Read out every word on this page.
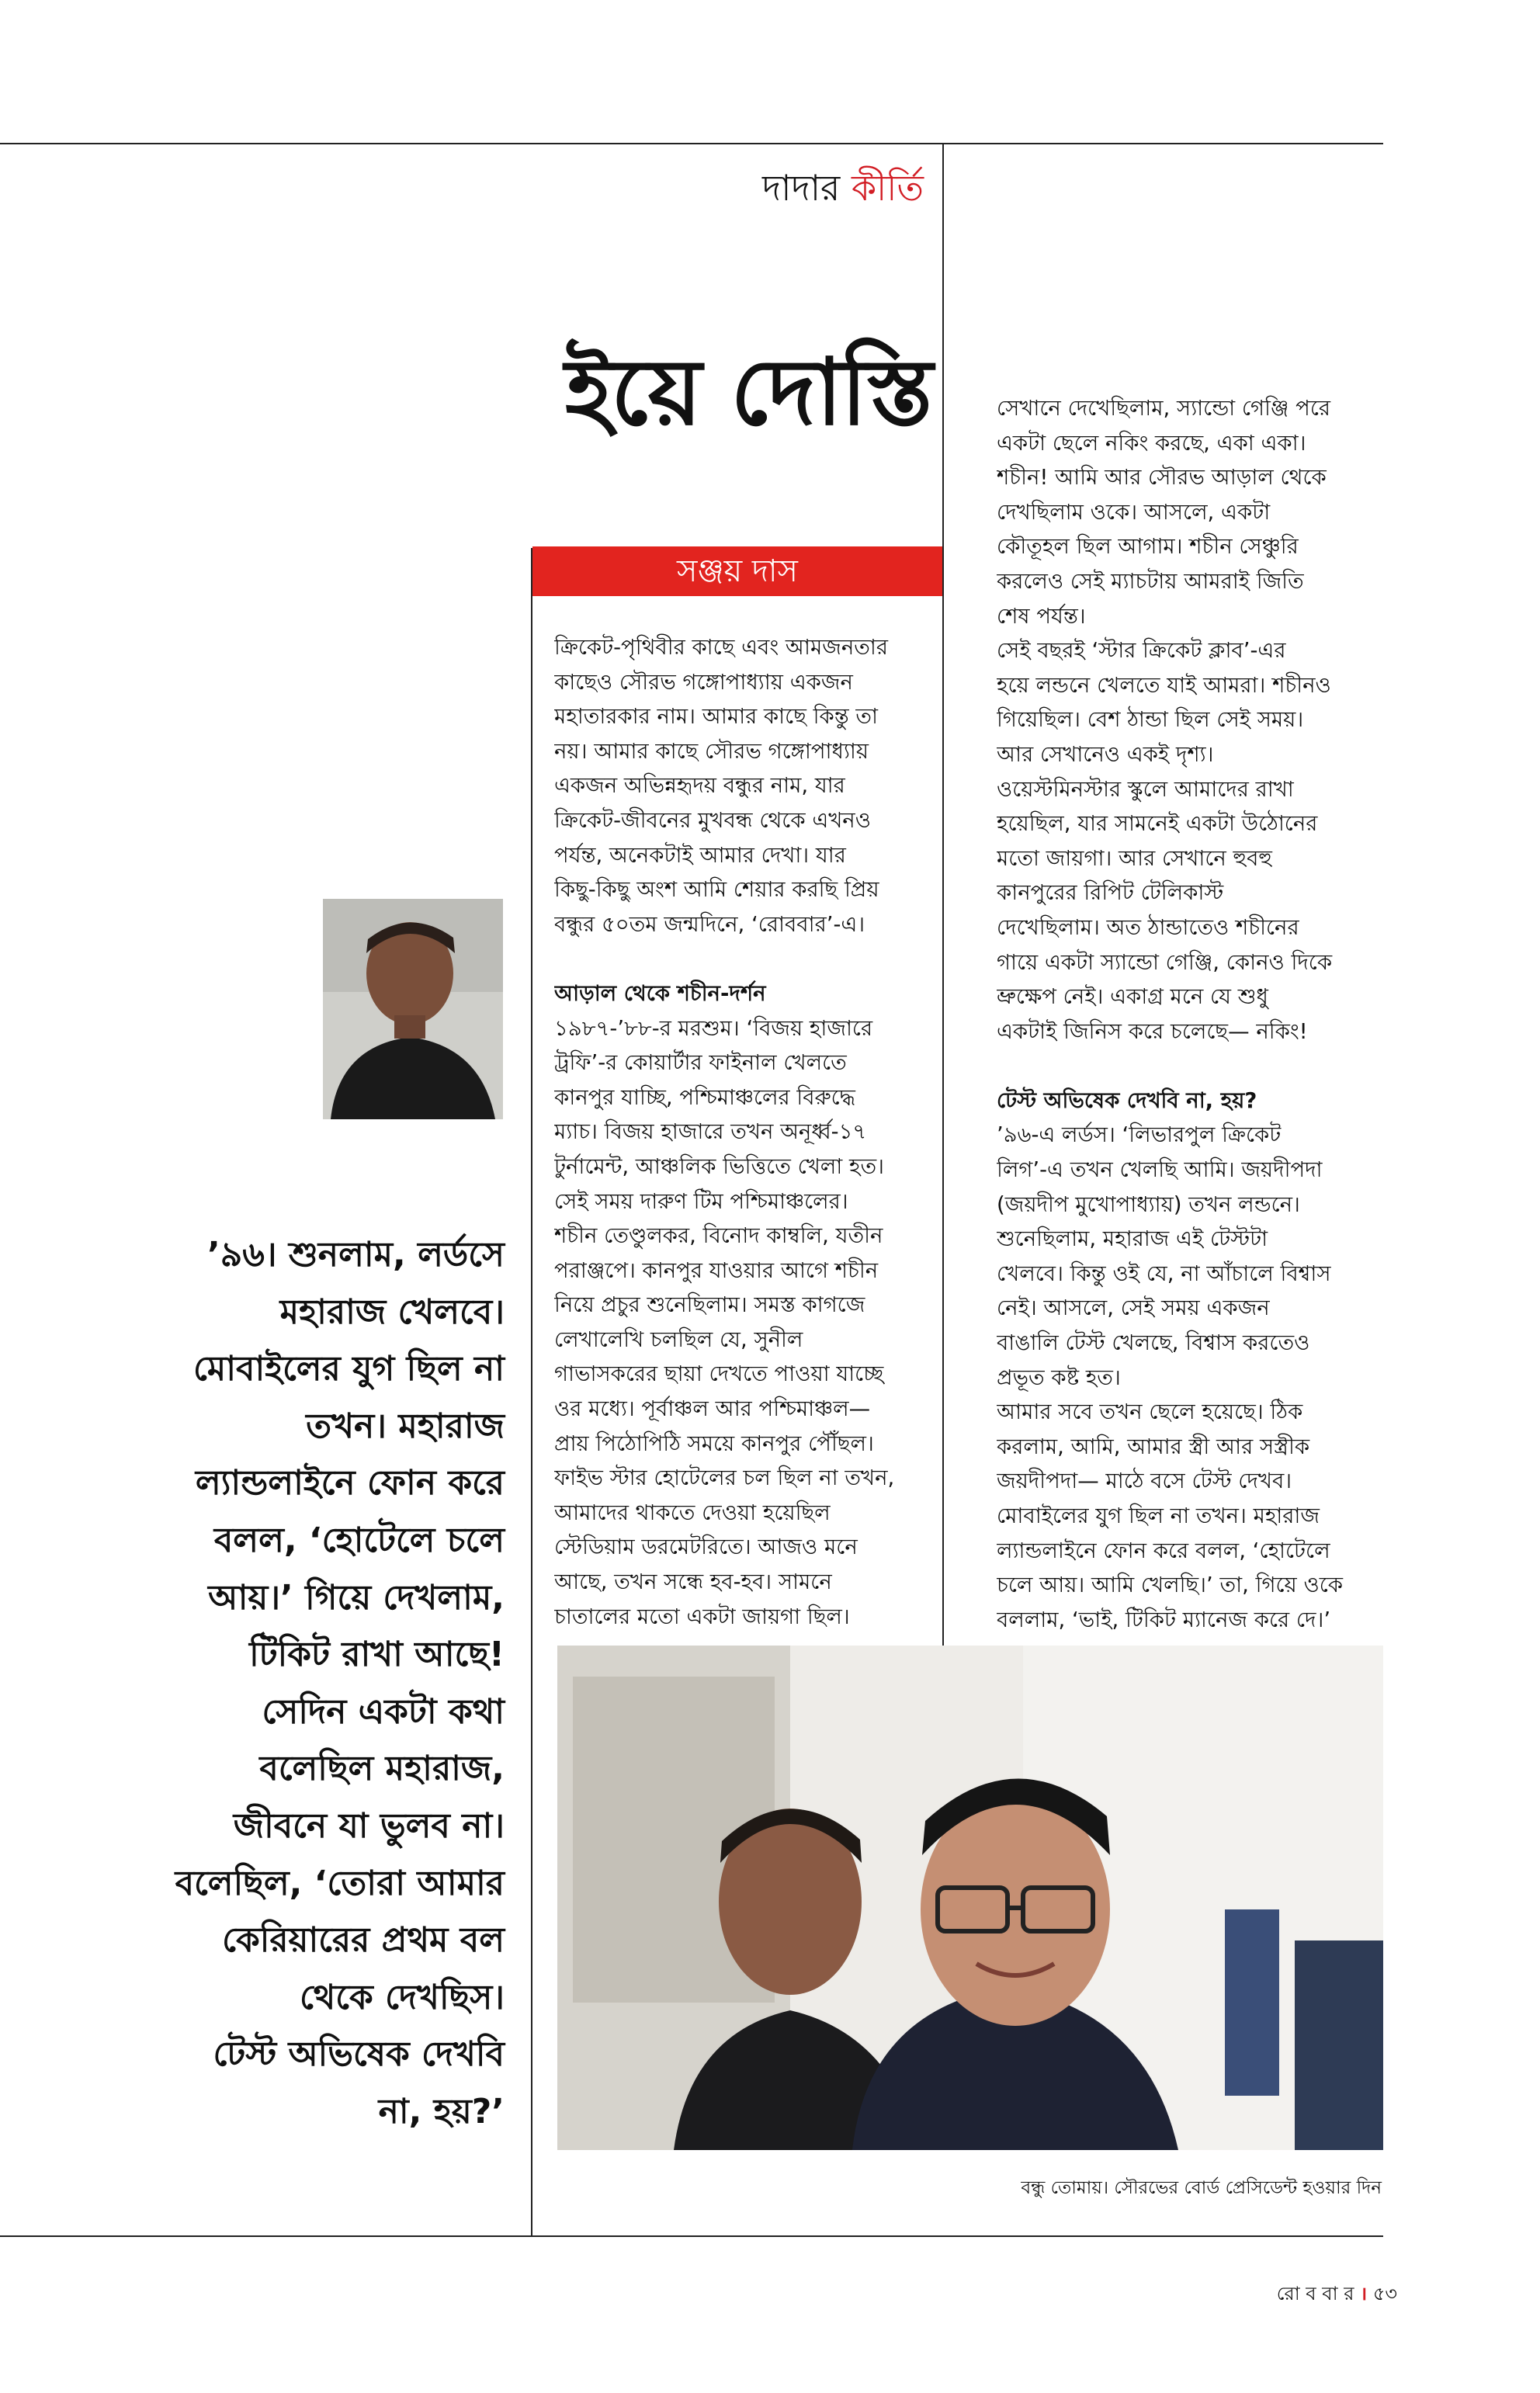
দাদার কীর্তি
ইয়ে দোস্তি
সঞ্জয় দাস
ক্রিকেট-পৃথিবীর কাছে এবং আমজনতার
কাছেও সৌরভ গঙ্গোপাধ্যায় একজন
মহাতারকার নাম। আমার কাছে কিন্তু তা
নয়। আমার কাছে সৌরভ গঙ্গোপাধ্যায়
একজন অভিন্নহৃদয় বন্ধুর নাম, যার
ক্রিকেট-জীবনের মুখবন্ধ থেকে এখনও
পর্যন্ত, অনেকটাই আমার দেখা। যার
কিছু-কিছু অংশ আমি শেয়ার করছি প্রিয়
বন্ধুর ৫০তম জন্মদিনে, ‘রোববার’-এ।
আড়াল থেকে শচীন-দর্শন
১৯৮৭-’৮৮-র মরশুম। ‘বিজয় হাজারে
ট্রফি’-র কোয়ার্টার ফাইনাল খেলতে
কানপুর যাচ্ছি, পশ্চিমাঞ্চলের বিরুদ্ধে
ম্যাচ। বিজয় হাজারে তখন অনূর্ধ্ব-১৭
টুর্নামেন্ট, আঞ্চলিক ভিত্তিতে খেলা হত।
সেই সময় দারুণ টিম পশ্চিমাঞ্চলের।
শচীন তেণ্ডুলকর, বিনোদ কাম্বলি, যতীন
পরাঞ্জপে। কানপুর যাওয়ার আগে শচীন
নিয়ে প্রচুর শুনেছিলাম। সমস্ত কাগজে
লেখালেখি চলছিল যে, সুনীল
গাভাসকরের ছায়া দেখতে পাওয়া যাচ্ছে
ওর মধ্যে। পূর্বাঞ্চল আর পশ্চিমাঞ্চল—
প্রায় পিঠোপিঠি সময়ে কানপুর পৌঁছল।
ফাইভ স্টার হোটেলের চল ছিল না তখন,
আমাদের থাকতে দেওয়া হয়েছিল
স্টেডিয়াম ডরমেটরিতে। আজও মনে
আছে, তখন সন্ধে হব-হব। সামনে
চাতালের মতো একটা জায়গা ছিল।
সেখানে দেখেছিলাম, স্যান্ডো গেঞ্জি পরে
একটা ছেলে নকিং করছে, একা একা।
শচীন! আমি আর সৌরভ আড়াল থেকে
দেখছিলাম ওকে। আসলে, একটা
কৌতূহল ছিল আগাম। শচীন সেঞ্চুরি
করলেও সেই ম্যাচটায় আমরাই জিতি
শেষ পর্যন্ত।
সেই বছরই ‘স্টার ক্রিকেট ক্লাব’-এর
হয়ে লন্ডনে খেলতে যাই আমরা। শচীনও
গিয়েছিল। বেশ ঠান্ডা ছিল সেই সময়।
আর সেখানেও একই দৃশ্য।
ওয়েস্টমিনস্টার স্কুলে আমাদের রাখা
হয়েছিল, যার সামনেই একটা উঠোনের
মতো জায়গা। আর সেখানে হুবহু
কানপুরের রিপিট টেলিকাস্ট
দেখেছিলাম। অত ঠান্ডাতেও শচীনের
গায়ে একটা স্যান্ডো গেঞ্জি, কোনও দিকে
ভ্রুক্ষেপ নেই। একাগ্র মনে যে শুধু
একটাই জিনিস করে চলেছে— নকিং!
টেস্ট অভিষেক দেখবি না, হয়?
’৯৬-এ লর্ডস। ‘লিভারপুল ক্রিকেট
লিগ’-এ তখন খেলছি আমি। জয়দীপদা
(জয়দীপ মুখোপাধ্যায়) তখন লন্ডনে।
শুনেছিলাম, মহারাজ এই টেস্টটা
খেলবে। কিন্তু ওই যে, না আঁচালে বিশ্বাস
নেই। আসলে, সেই সময় একজন
বাঙালি টেস্ট খেলছে, বিশ্বাস করতেও
প্রভূত কষ্ট হত।
আমার সবে তখন ছেলে হয়েছে। ঠিক
করলাম, আমি, আমার স্ত্রী আর সস্ত্রীক
জয়দীপদা— মাঠে বসে টেস্ট দেখব।
মোবাইলের যুগ ছিল না তখন। মহারাজ
ল্যান্ডলাইনে ফোন করে বলল, ‘হোটেলে
চলে আয়। আমি খেলছি।’ তা, গিয়ে ওকে
বললাম, ‘ভাই, টিকিট ম্যানেজ করে দে।’
’৯৬। শুনলাম, লর্ডসে
মহারাজ খেলবে।
মোবাইলের যুগ ছিল না
তখন। মহারাজ
ল্যান্ডলাইনে ফোন করে
বলল, ‘হোটেলে চলে
আয়।’ গিয়ে দেখলাম,
টিকিট রাখা আছে!
সেদিন একটা কথা
বলেছিল মহারাজ,
জীবনে যা ভুলব না।
বলেছিল, ‘তোরা আমার
কেরিয়ারের প্রথম বল
থেকে দেখছিস।
টেস্ট অভিষেক দেখবি
না, হয়?’
বন্ধু তোমায়। সৌরভের বোর্ড প্রেসিডেন্ট হওয়ার দিন
রো ব বা র । ৫৩
